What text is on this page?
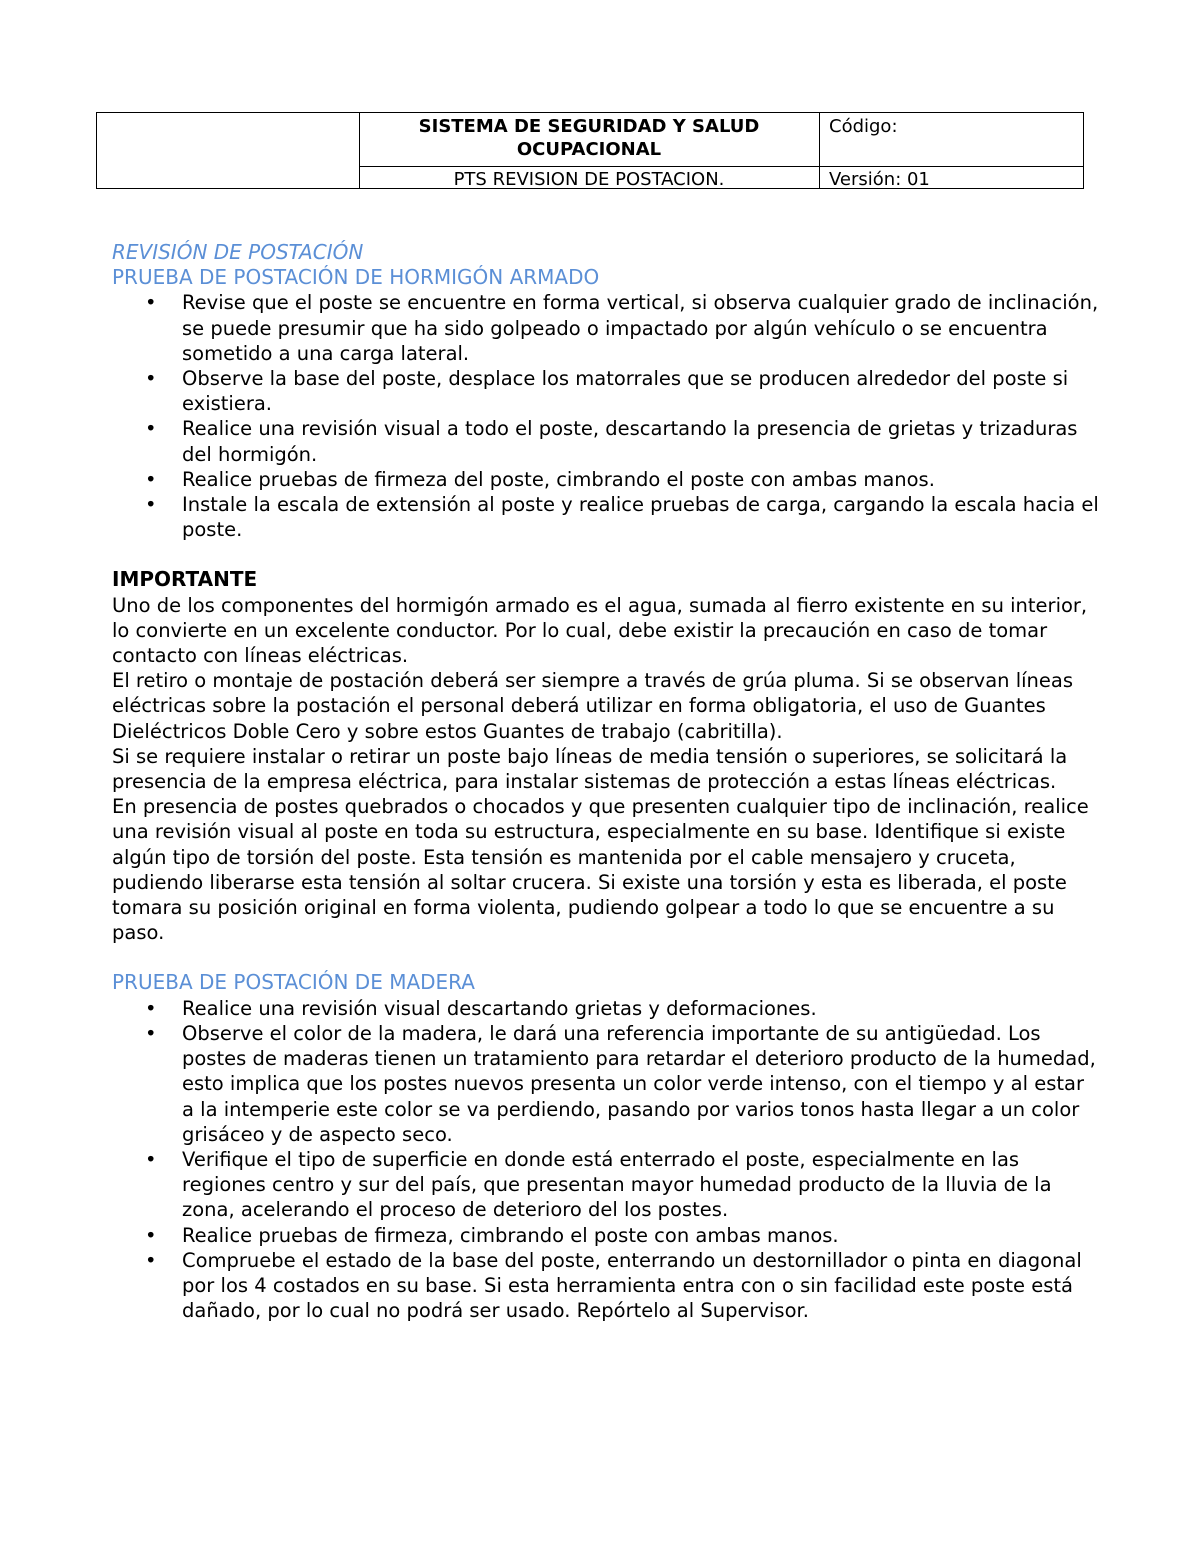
SISTEMA DE SEGURIDAD Y SALUD OCUPACIONAL
Código:
PTS REVISION DE POSTACION.	Versión: 01
REVISIÓN DE POSTACIÓN
PRUEBA DE POSTACIÓN DE HORMIGÓN ARMADO
• Revise que el poste se encuentre en forma vertical, si observa cualquier grado de inclinación, se puede presumir que ha sido golpeado o impactado por algún vehículo o se encuentra sometido a una carga lateral.
• Observe la base del poste, desplace los matorrales que se producen alrededor del poste si existiera.
• Realice una revisión visual a todo el poste, descartando la presencia de grietas y trizaduras del hormigón.
• Realice pruebas de firmeza del poste, cimbrando el poste con ambas manos.
• Instale la escala de extensión al poste y realice pruebas de carga, cargando la escala hacia el poste.
IMPORTANTE

Uno de los componentes del hormigón armado es el agua, sumada al fierro existente en su interior, lo convierte en un excelente conductor. Por lo cual, debe existir la precaución en caso de tomar contacto con líneas eléctricas.

El retiro o montaje de postación deberá ser siempre a través de grúa pluma. Si se observan líneas eléctricas sobre la postación el personal deberá utilizar en forma obligatoria, el uso de Guantes Dieléctricos Doble Cero y sobre estos Guantes de trabajo (cabritilla).

Si se requiere instalar o retirar un poste bajo líneas de media tensión o superiores, se solicitará la presencia de la empresa eléctrica, para instalar sistemas de protección a estas líneas eléctricas.

En presencia de postes quebrados o chocados y que presenten cualquier tipo de inclinación, realice una revisión visual al poste en toda su estructura, especialmente en su base. Identifique si existe algún tipo de torsión del poste. Esta tensión es mantenida por el cable mensajero y cruceta, pudiendo liberarse esta tensión al soltar crucera. Si existe una torsión y esta es liberada, el poste tomara su posición original en forma violenta, pudiendo golpear a todo lo que se encuentre a su paso.

PRUEBA DE POSTACIÓN DE MADERA
• Realice una revisión visual descartando grietas y deformaciones.
• Observe el color de la madera, le dará una referencia importante de su antigüedad. Los postes de maderas tienen un tratamiento para retardar el deterioro producto de la humedad, esto implica que los postes nuevos presenta un color verde intenso, con el tiempo y al estar a la intemperie este color se va perdiendo, pasando por varios tonos hasta llegar a un color grisáceo y de aspecto seco.
• Verifique el tipo de superficie en donde está enterrado el poste, especialmente en las regiones centro y sur del país, que presentan mayor humedad producto de la lluvia de la zona, acelerando el proceso de deterioro del los postes.
• Realice pruebas de firmeza, cimbrando el poste con ambas manos.
• Compruebe el estado de la base del poste, enterrando un destornillador o pinta en diagonal por los 4 costados en su base. Si esta herramienta entra con o sin facilidad este poste está dañado, por lo cual no podrá ser usado. Repórtelo al Supervisor.
